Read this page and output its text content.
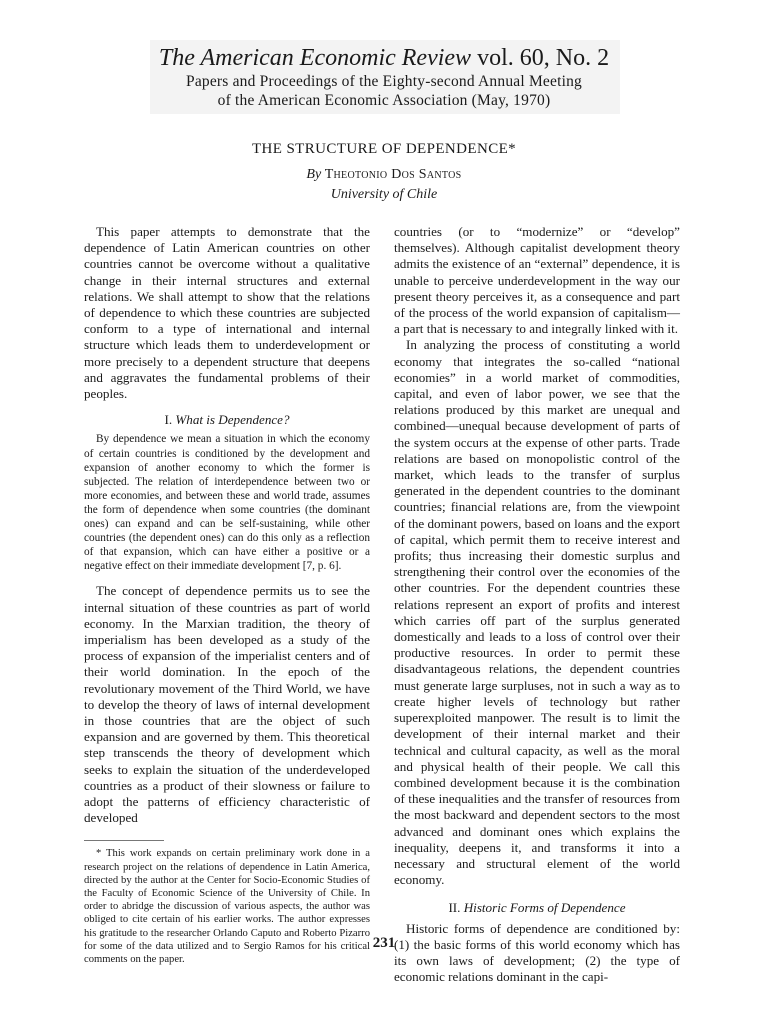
The American Economic Review vol. 60, No. 2
Papers and Proceedings of the Eighty-second Annual Meeting
of the American Economic Association (May, 1970)
THE STRUCTURE OF DEPENDENCE*
By Theotonio Dos Santos
University of Chile

This paper attempts to demonstrate that the dependence of Latin American countries on other countries cannot be overcome without a qualitative change in their internal structures and external relations. We shall attempt to show that the relations of dependence to which these countries are subjected conform to a type of international and internal structure which leads them to underdevelopment or more precisely to a dependent structure that deepens and aggravates the fundamental problems of their peoples.

I. What is Dependence?

By dependence we mean a situation in which the economy of certain countries is conditioned by the development and expansion of another economy to which the former is subjected. The relation of interdependence between two or more economies, and between these and world trade, assumes the form of dependence when some countries (the dominant ones) can expand and can be self-sustaining, while other countries (the dependent ones) can do this only as a reflection of that expansion, which can have either a positive or a negative effect on their immediate development [7, p. 6].

The concept of dependence permits us to see the internal situation of these countries as part of world economy. In the Marxian tradition, the theory of imperialism has been developed as a study of the process of expansion of the imperialist centers and of their world domination. In the epoch of the revolutionary movement of the Third World, we have to develop the theory of laws of internal development in those countries that are the object of such expansion and are governed by them. This theoretical step transcends the theory of development which seeks to explain the situation of the underdeveloped countries as a product of their slowness or failure to adopt the patterns of efficiency characteristic of developed

* This work expands on certain preliminary work done in a research project on the relations of dependence in Latin America, directed by the author at the Center for Socio-Economic Studies of the Faculty of Economic Science of the University of Chile. In order to abridge the discussion of various aspects, the author was obliged to cite certain of his earlier works. The author expresses his gratitude to the researcher Orlando Caputo and Roberto Pizarro for some of the data utilized and to Sergio Ramos for his critical comments on the paper.

countries (or to “modernize” or “develop” themselves). Although capitalist development theory admits the existence of an “external” dependence, it is unable to perceive underdevelopment in the way our present theory perceives it, as a consequence and part of the process of the world expansion of capitalism—a part that is necessary to and integrally linked with it.

In analyzing the process of constituting a world economy that integrates the so-called “national economies” in a world market of commodities, capital, and even of labor power, we see that the relations produced by this market are unequal and combined—unequal because development of parts of the system occurs at the expense of other parts. Trade relations are based on monopolistic control of the market, which leads to the transfer of surplus generated in the dependent countries to the dominant countries; financial relations are, from the viewpoint of the dominant powers, based on loans and the export of capital, which permit them to receive interest and profits; thus increasing their domestic surplus and strengthening their control over the economies of the other countries. For the dependent countries these relations represent an export of profits and interest which carries off part of the surplus generated domestically and leads to a loss of control over their productive resources. In order to permit these disadvantageous relations, the dependent countries must generate large surpluses, not in such a way as to create higher levels of technology but rather superexploited manpower. The result is to limit the development of their internal market and their technical and cultural capacity, as well as the moral and physical health of their people. We call this combined development because it is the combination of these inequalities and the transfer of resources from the most backward and dependent sectors to the most advanced and dominant ones which explains the inequality, deepens it, and transforms it into a necessary and structural element of the world economy.

II. Historic Forms of Dependence

Historic forms of dependence are conditioned by: (1) the basic forms of this world economy which has its own laws of development; (2) the type of economic relations dominant in the capi-

231
